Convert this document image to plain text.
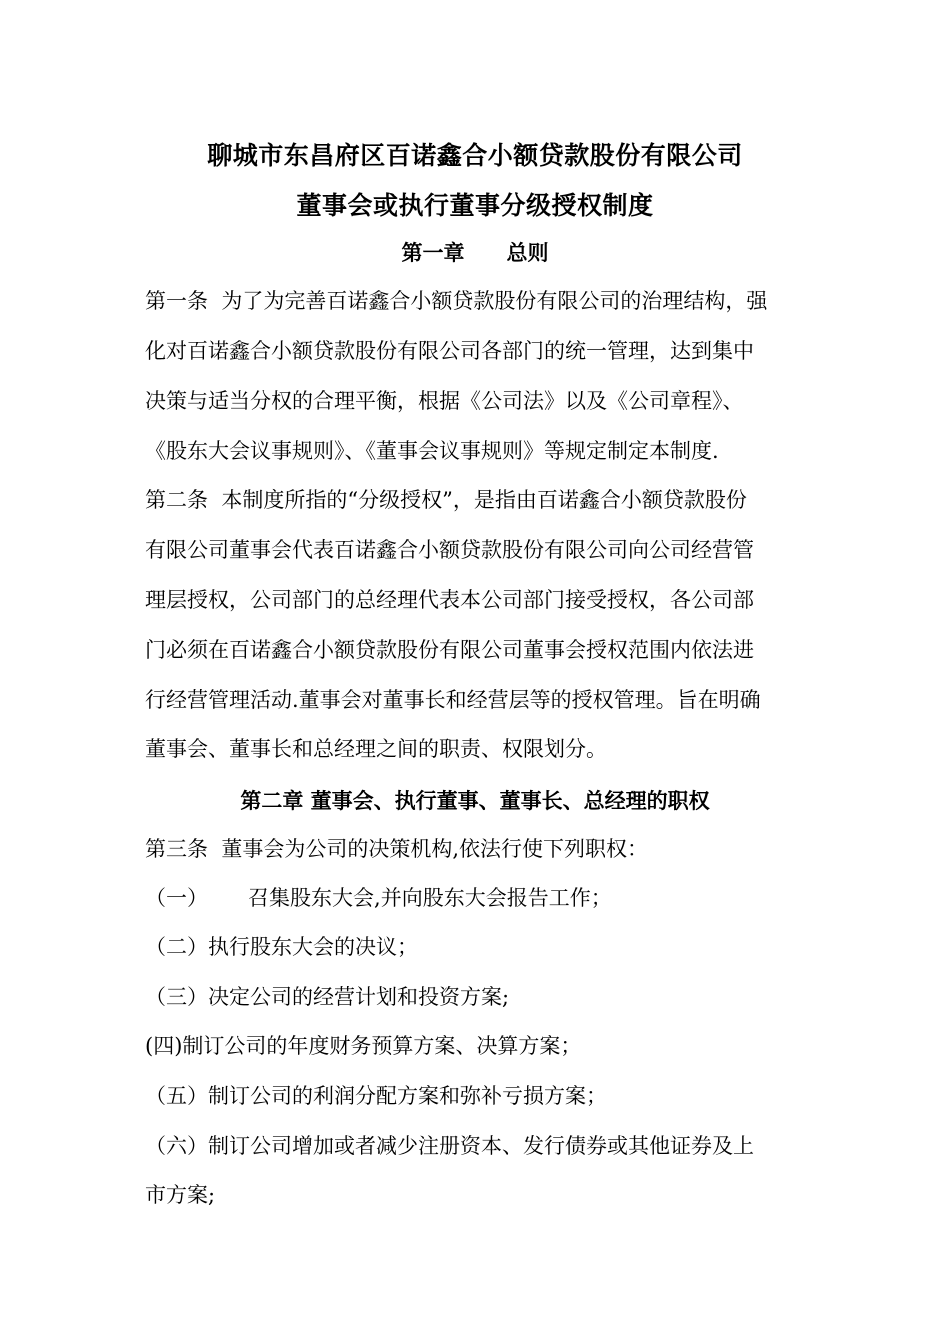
聊城市东昌府区百诺鑫合小额贷款股份有限公司
董事会或执行董事分级授权制度
第一章　　总则
第一条  为了为完善百诺鑫合小额贷款股份有限公司的治理结构，强
化对百诺鑫合小额贷款股份有限公司各部门的统一管理，达到集中
决策与适当分权的合理平衡，根据《公司法》以及《公司章程》、
《股东大会议事规则》、《董事会议事规则》等规定制定本制度.
第二条  本制度所指的“分级授权”，是指由百诺鑫合小额贷款股份
有限公司董事会代表百诺鑫合小额贷款股份有限公司向公司经营管
理层授权，公司部门的总经理代表本公司部门接受授权，各公司部
门必须在百诺鑫合小额贷款股份有限公司董事会授权范围内依法进
行经营管理活动.董事会对董事长和经营层等的授权管理。旨在明确
董事会、董事长和总经理之间的职责、权限划分。
第二章 董事会、执行董事、董事长、总经理的职权
第三条  董事会为公司的决策机构,依法行使下列职权：
（一）      召集股东大会,并向股东大会报告工作；
（二）执行股东大会的决议；
（三）决定公司的经营计划和投资方案;
(四)制订公司的年度财务预算方案、决算方案；
（五）制订公司的利润分配方案和弥补亏损方案；
（六）制订公司增加或者减少注册资本、发行债券或其他证券及上
市方案;
